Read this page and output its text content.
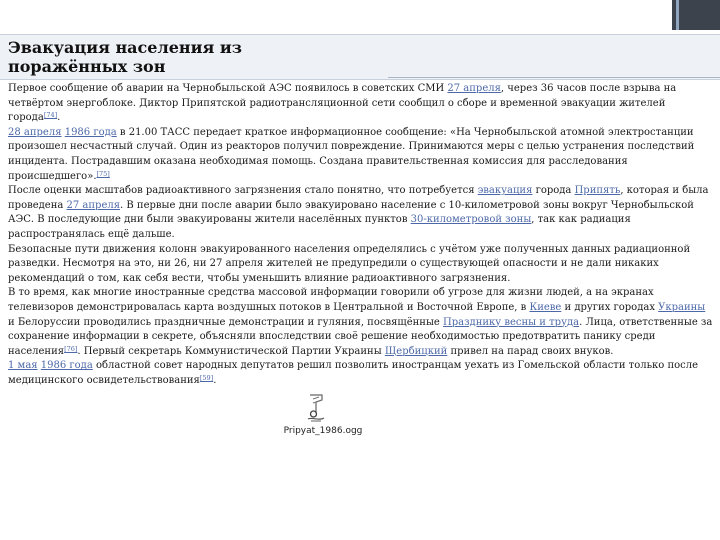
Эвакуация населения из
поражённых зон

Первое сообщение об аварии на Чернобыльской АЭС появилось в советских СМИ 27 апреля, через 36 часов после взрыва на четвёртом энергоблоке. Диктор Припятской радиотрансляционной сети сообщил о сборе и временной эвакуации жителей города[74].

28 апреля 1986 года в 21.00 ТАСС передает краткое информационное сообщение: «На Чернобыльской атомной электростанции произошел несчастный случай. Один из реакторов получил повреждение. Принимаются меры с целью устранения последствий инцидента. Пострадавшим оказана необходимая помощь. Создана правительственная комиссия для расследования происшедшего».[75]

После оценки масштабов радиоактивного загрязнения стало понятно, что потребуется эвакуация города Припять, которая и была проведена 27 апреля. В первые дни после аварии было эвакуировано население с 10-километровой зоны вокруг Чернобыльской АЭС. В последующие дни были эвакуированы жители населённых пунктов 30-километровой зоны, так как радиация распространялась ещё дальше.

Безопасные пути движения колонн эвакуированного населения определялись с учётом уже полученных данных радиационной разведки. Несмотря на это, ни 26, ни 27 апреля жителей не предупредили о существующей опасности и не дали никаких рекомендаций о том, как себя вести, чтобы уменьшить влияние радиоактивного загрязнения.

В то время, как многие иностранные средства массовой информации говорили об угрозе для жизни людей, а на экранах телевизоров демонстрировалась карта воздушных потоков в Центральной и Восточной Европе, в Киеве и других городах Украины и Белоруссии проводились праздничные демонстрации и гуляния, посвящённые Празднику весны и труда. Лица, ответственные за сохранение информации в секрете, объясняли впоследствии своё решение необходимостью предотвратить панику среди населения[76]. Первый секретарь Коммунистической Партии Украины Щербицкий привел на парад своих внуков.

1 мая 1986 года областной совет народных депутатов решил позволить иностранцам уехать из Гомельской области только после медицинского освидетельствования[59].

Pripyat_1986.ogg
